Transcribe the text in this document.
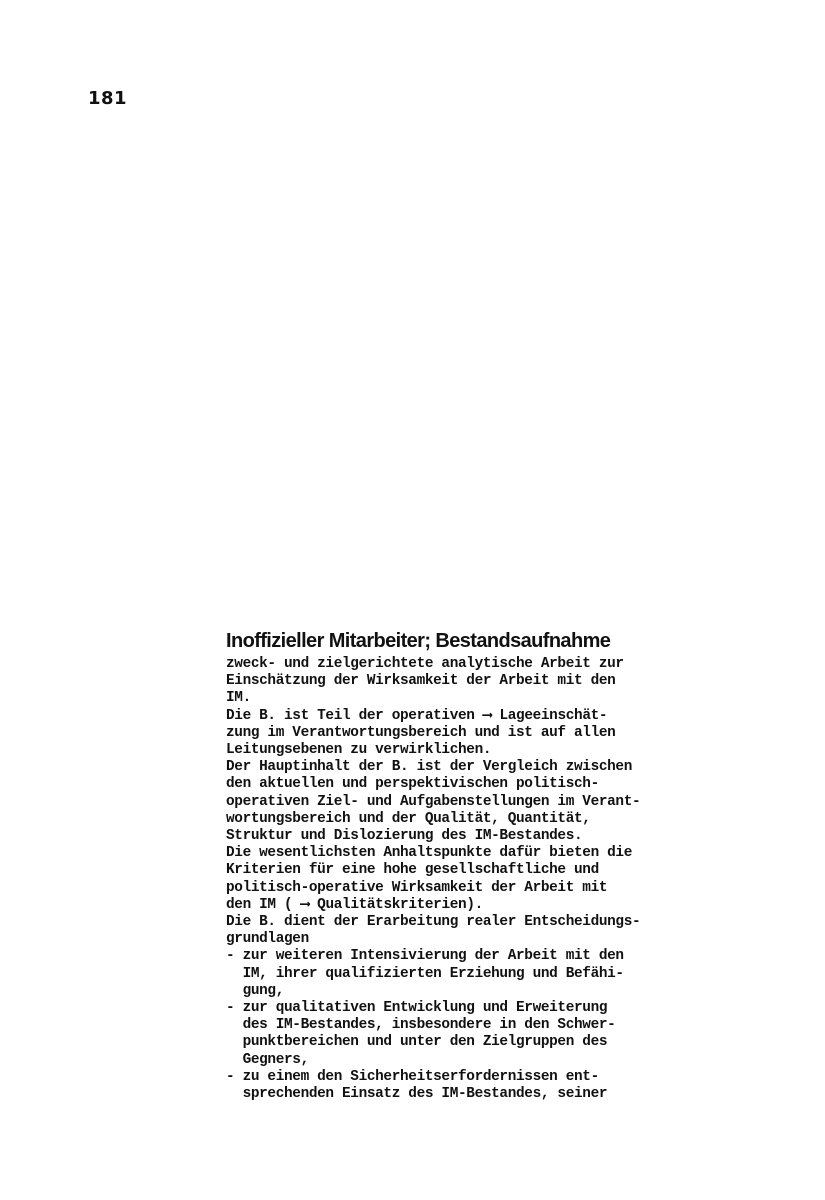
181
Inoffizieller Mitarbeiter; Bestandsaufnahme
zweck- und zielgerichtete analytische Arbeit zur
Einschätzung der Wirksamkeit der Arbeit mit den
IM.
Die B. ist Teil der operativen ⟶ Lageeinschät-
zung im Verantwortungsbereich und ist auf allen
Leitungsebenen zu verwirklichen.
Der Hauptinhalt der B. ist der Vergleich zwischen
den aktuellen und perspektivischen politisch-
operativen Ziel- und Aufgabenstellungen im Verant-
wortungsbereich und der Qualität, Quantität,
Struktur und Dislozierung des IM-Bestandes.
Die wesentlichsten Anhaltspunkte dafür bieten die
Kriterien für eine hohe gesellschaftliche und
politisch-operative Wirksamkeit der Arbeit mit
den IM ( ⟶ Qualitätskriterien).
Die B. dient der Erarbeitung realer Entscheidungs-
grundlagen
- zur weiteren Intensivierung der Arbeit mit den
IM, ihrer qualifizierten Erziehung und Befähi-
gung,
- zur qualitativen Entwicklung und Erweiterung
des IM-Bestandes, insbesondere in den Schwer-
punktbereichen und unter den Zielgruppen des
Gegners,
- zu einem den Sicherheitserfordernissen ent-
sprechenden Einsatz des IM-Bestandes, seiner
